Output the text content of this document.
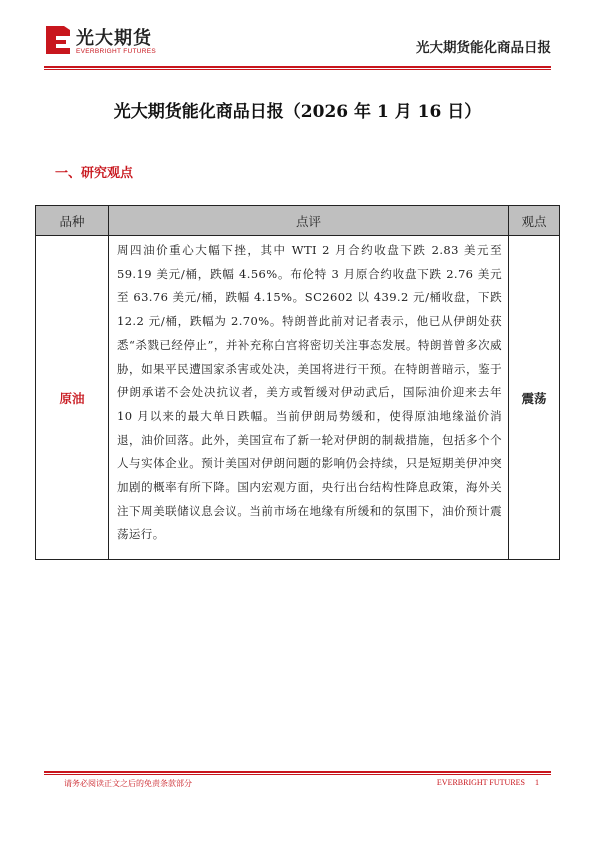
光大期货
EVERBRIGHT FUTURES	光大期货能化商品日报
光大期货能化商品日报（2026 年 1 月 16 日）
一、研究观点
品种	点评	观点
原油	周四油价重心大幅下挫，其中 WTI 2 月合约收盘下跌 2.83 美元至 59.19 美元/桶，跌幅 4.56%。布伦特 3 月原合约收盘下跌 2.76 美元至 63.76 美元/桶，跌幅 4.15%。SC2602 以 439.2 元/桶收盘，下跌 12.2 元/桶，跌幅为 2.70%。特朗普此前对记者表示，他已从伊朗处获悉“杀戮已经停止”，并补充称白宫将密切关注事态发展。特朗普曾多次威胁，如果平民遭国家杀害或处决，美国将进行干预。在特朗普暗示，鉴于伊朗承诺不会处决抗议者，美方或暂缓对伊动武后，国际油价迎来去年 10 月以来的最大单日跌幅。当前伊朗局势缓和，使得原油地缘溢价消退，油价回落。此外，美国宣布了新一轮对伊朗的制裁措施，包括多个个人与实体企业。预计美国对伊朗问题的影响仍会持续，只是短期美伊冲突加剧的概率有所下降。国内宏观方面，央行出台结构性降息政策，海外关注下周美联储议息会议。当前市场在地缘有所缓和的氛围下，油价预计震荡运行。	震荡
请务必阅读正文之后的免责条款部分	EVERBRIGHT FUTURES 1
